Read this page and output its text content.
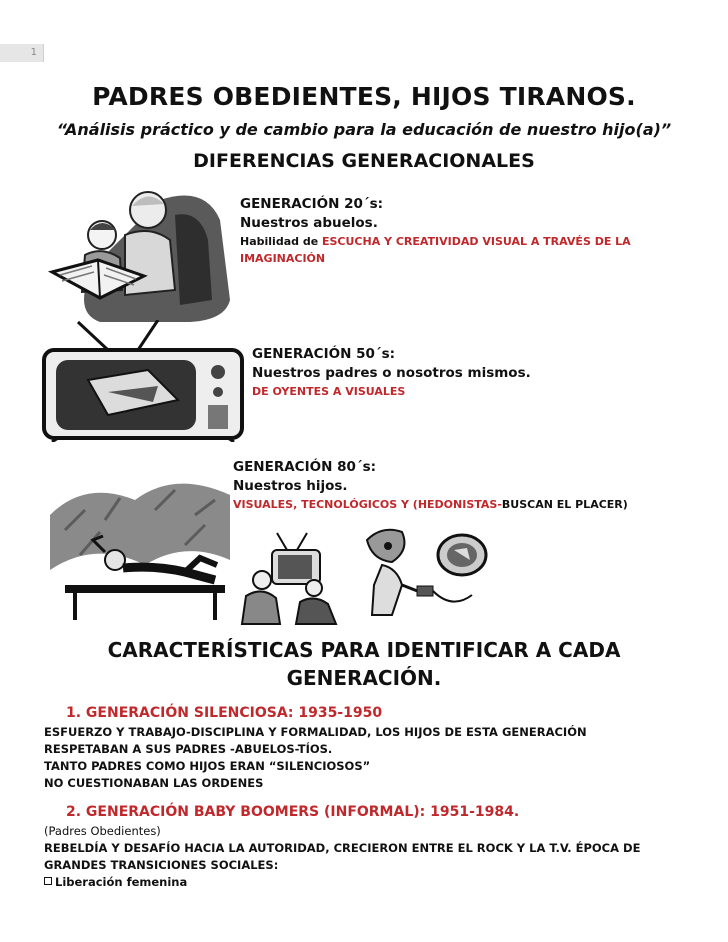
1
PADRES OBEDIENTES, HIJOS TIRANOS.
“Análisis práctico y de cambio para la educación de nuestro hijo(a)”
DIFERENCIAS GENERACIONALES
GENERACIÓN 20´s:
Nuestros abuelos.
Habilidad de ESCUCHA Y CREATIVIDAD VISUAL A TRAVÉS DE LA IMAGINACIÓN
GENERACIÓN 50´s:
Nuestros padres o nosotros mismos.
DE OYENTES A VISUALES
GENERACIÓN 80´s:
Nuestros hijos.
VISUALES, TECNOLÓGICOS Y (HEDONISTAS-BUSCAN EL PLACER)
CARACTERÍSTICAS PARA IDENTIFICAR A CADA
GENERACIÓN.
1. GENERACIÓN SILENCIOSA: 1935-1950
ESFUERZO Y TRABAJO-DISCIPLINA Y FORMALIDAD, LOS HIJOS DE ESTA GENERACIÓN
RESPETABAN A SUS PADRES -ABUELOS-TÍOS.
TANTO PADRES COMO HIJOS ERAN “SILENCIOSOS”
NO CUESTIONABAN LAS ORDENES
2. GENERACIÓN BABY BOOMERS (INFORMAL): 1951-1984.
(Padres Obedientes)
REBELDÍA Y DESAFÍO HACIA LA AUTORIDAD, CRECIERON ENTRE EL ROCK Y LA T.V. ÉPOCA DE
GRANDES TRANSICIONES SOCIALES:
Liberación femenina
